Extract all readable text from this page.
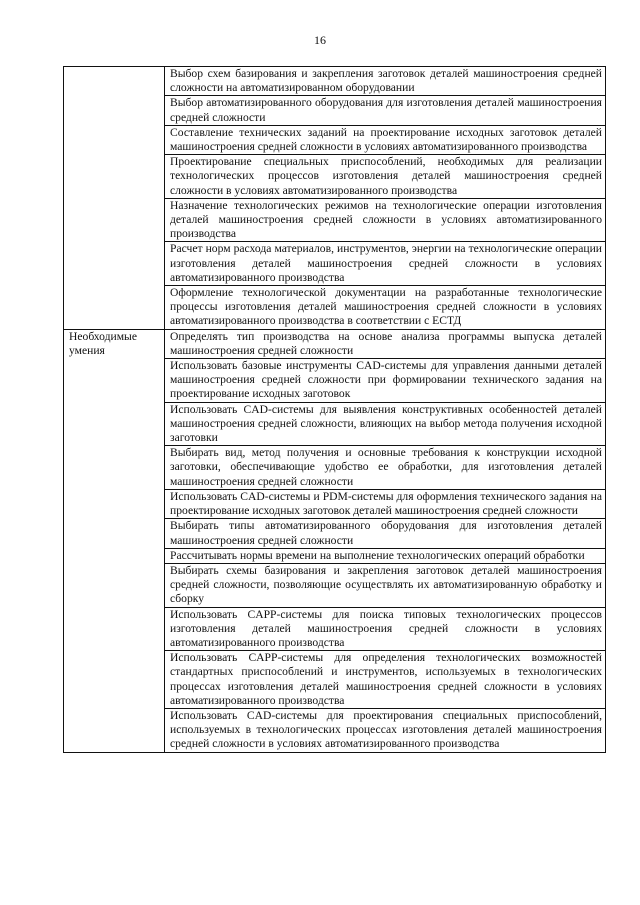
16
	Выбор схем базирования и закрепления заготовок деталей машиностроения средней сложности на автоматизированном оборудовании
	Выбор автоматизированного оборудования для изготовления деталей машиностроения средней сложности
	Составление технических заданий на проектирование исходных заготовок деталей машиностроения средней сложности в условиях автоматизированного производства
	Проектирование специальных приспособлений, необходимых для реализации технологических процессов изготовления деталей машиностроения средней сложности в условиях автоматизированного производства
	Назначение технологических режимов на технологические операции изготовления деталей машиностроения средней сложности в условиях автоматизированного производства
	Расчет норм расхода материалов, инструментов, энергии на технологические операции изготовления деталей машиностроения средней сложности в условиях автоматизированного производства
	Оформление технологической документации на разработанные технологические процессы изготовления деталей машиностроения средней сложности в условиях автоматизированного производства в соответствии с ЕСТД
Необходимые умения	Определять тип производства на основе анализа программы выпуска деталей машиностроения средней сложности
	Использовать базовые инструменты CAD-системы для управления данными деталей машиностроения средней сложности при формировании технического задания на проектирование исходных заготовок
	Использовать CAD-системы для выявления конструктивных особенностей деталей машиностроения средней сложности, влияющих на выбор метода получения исходной заготовки
	Выбирать вид, метод получения и основные требования к конструкции исходной заготовки, обеспечивающие удобство ее обработки, для изготовления деталей машиностроения средней сложности
	Использовать CAD-системы и PDM-системы для оформления технического задания на проектирование исходных заготовок деталей машиностроения средней сложности
	Выбирать типы автоматизированного оборудования для изготовления деталей машиностроения средней сложности
	Рассчитывать нормы времени на выполнение технологических операций обработки
	Выбирать схемы базирования и закрепления заготовок деталей машиностроения средней сложности, позволяющие осуществлять их автоматизированную обработку и сборку
	Использовать CAPP-системы для поиска типовых технологических процессов изготовления деталей машиностроения средней сложности в условиях автоматизированного производства
	Использовать CAPP-системы для определения технологических возможностей стандартных приспособлений и инструментов, используемых в технологических процессах изготовления деталей машиностроения средней сложности в условиях автоматизированного производства
	Использовать CAD-системы для проектирования специальных приспособлений, используемых в технологических процессах изготовления деталей машиностроения средней сложности в условиях автоматизированного производства
